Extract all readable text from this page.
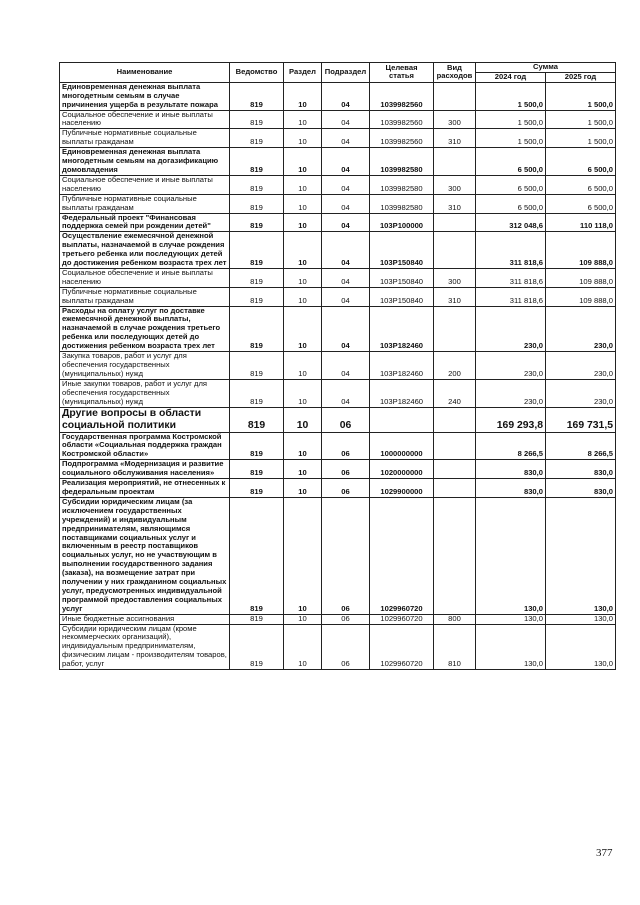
Наименование	Ведомство	Раздел	Подраздел	Целевая статья	Вид расходов	Сумма	
						2024 год	2025 год
Единовременная денежная выплата многодетным семьям в случае причинения ущерба в результате пожара	819	10	04	1039982560		1 500,0	1 500,0
Социальное обеспечение и иные выплаты населению	819	10	04	1039982560	300	1 500,0	1 500,0
Публичные нормативные социальные выплаты гражданам	819	10	04	1039982560	310	1 500,0	1 500,0
Единовременная денежная выплата многодетным семьям на догазификацию домовладения	819	10	04	1039982580		6 500,0	6 500,0
Социальное обеспечение и иные выплаты населению	819	10	04	1039982580	300	6 500,0	6 500,0
Публичные нормативные социальные выплаты гражданам	819	10	04	1039982580	310	6 500,0	6 500,0
Федеральный проект "Финансовая поддержка семей при рождении детей"	819	10	04	103P100000		312 048,6	110 118,0
Осуществление ежемесячной денежной выплаты, назначаемой в случае рождения третьего ребенка или последующих детей до достижения ребенком возраста трех лет	819	10	04	103P150840		311 818,6	109 888,0
Социальное обеспечение и иные выплаты населению	819	10	04	103P150840	300	311 818,6	109 888,0
Публичные нормативные социальные выплаты гражданам	819	10	04	103P150840	310	311 818,6	109 888,0
Расходы на оплату услуг по доставке ежемесячной денежной выплаты, назначаемой в случае рождения третьего ребенка или последующих детей до достижения ребенком возраста трех лет	819	10	04	103P182460		230,0	230,0
Закупка товаров, работ и услуг для обеспечения государственных (муниципальных) нужд	819	10	04	103P182460	200	230,0	230,0
Иные закупки товаров, работ и услуг для обеспечения государственных (муниципальных) нужд	819	10	04	103P182460	240	230,0	230,0
Другие вопросы в области социальной политики	819	10	06			169 293,8	169 731,5
Государственная программа Костромской области «Социальная поддержка граждан Костромской области»	819	10	06	1000000000		8 266,5	8 266,5
Подпрограмма «Модернизация и развитие социального обслуживания населения»	819	10	06	1020000000		830,0	830,0
Реализация мероприятий, не отнесенных к федеральным проектам	819	10	06	1029900000		830,0	830,0
Субсидии юридическим лицам (за исключением государственных учреждений) и индивидуальным предпринимателям, являющимся поставщиками социальных услуг и включенным в реестр поставщиков социальных услуг, но не участвующим в выполнении государственного задания (заказа), на возмещение затрат при получении у них гражданином социальных услуг, предусмотренных индивидуальной программой предоставления социальных услуг	819	10	06	1029960720		130,0	130,0
Иные бюджетные ассигнования	819	10	06	1029960720	800	130,0	130,0
Субсидии юридическим лицам (кроме некоммерческих организаций), индивидуальным предпринимателям, физическим лицам - производителям товаров, работ, услуг	819	10	06	1029960720	810	130,0	130,0
377
